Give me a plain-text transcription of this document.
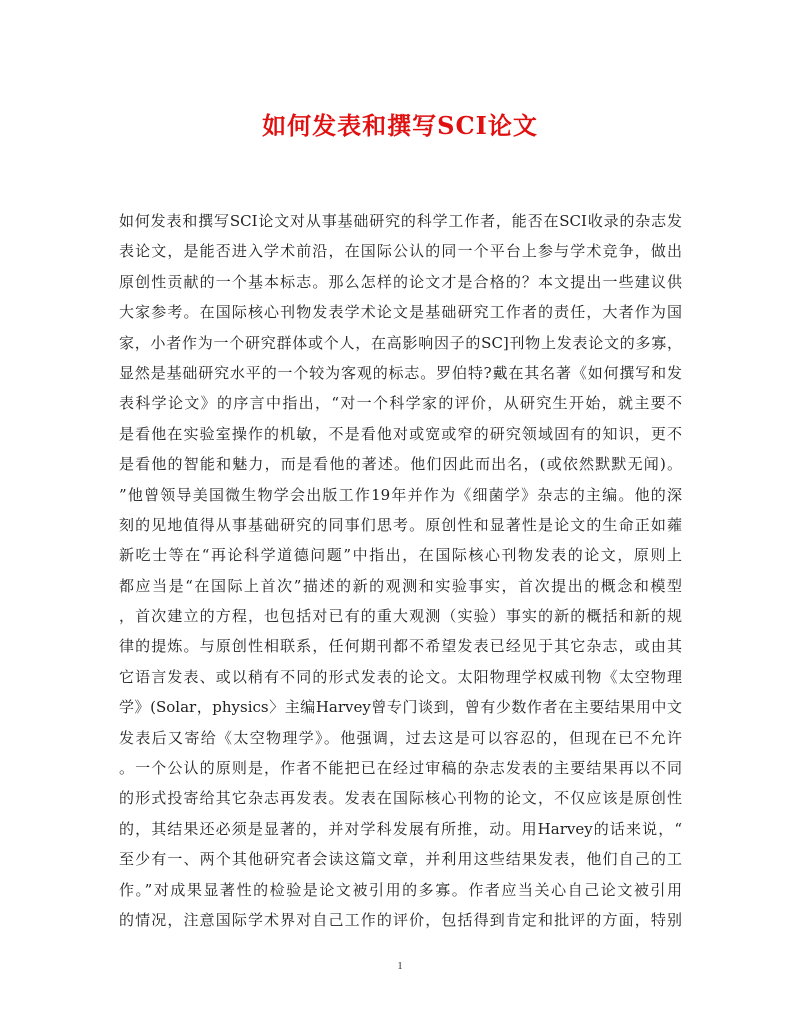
如何发表和撰写SCI论文
如何发表和撰写SCI论文对从事基础研究的科学工作者，能否在SCI收录的杂志发
表论文，是能否进入学术前沿，在国际公认的同一个平台上参与学术竞争，做出
原创性贡献的一个基本标志。那么怎样的论文才是合格的？本文提出一些建议供
大家参考。在国际核心刊物发表学术论文是基础研究工作者的责任，大者作为国
家，小者作为一个研究群体或个人，在高影响因子的SC]刊物上发表论文的多寡，
显然是基础研究水平的一个较为客观的标志。罗伯特?戴在其名著《如何撰写和发
表科学论文》的序言中指出，“对一个科学家的评价，从研究生开始，就主要不
是看他在实验室操作的机敏，不是看他对或宽或窄的研究领域固有的知识，更不
是看他的智能和魅力，而是看他的著述。他们因此而出名，(或依然默默无闻)。
”他曾领导美国微生物学会出版工作19年并作为《细菌学》杂志的主编。他的深
刻的见地值得从事基础研究的同事们思考。原创性和显著性是论文的生命正如蕹
新吃士等在“再论科学道德问题”中指出，在国际核心刊物发表的论文，原则上
都应当是“在国际上首次”描述的新的观测和实验事实，首次提出的概念和模型
，首次建立的方程，也包括对已有的重大观测（实验）事实的新的概括和新的规
律的提炼。与原创性相联系，任何期刊都不希望发表已经见于其它杂志，或由其
它语言发表、或以稍有不同的形式发表的论文。太阳物理学权威刊物《太空物理
学》(Solar，physics〉主编Harvey曾专门谈到，曾有少数作者在主要结果用中文
发表后又寄给《太空物理学》。他强调，过去这是可以容忍的，但现在已不允许
。一个公认的原则是，作者不能把已在经过审稿的杂志发表的主要结果再以不同
的形式投寄给其它杂志再发表。发表在国际核心刊物的论文，不仅应该是原创性
的，其结果还必须是显著的，并对学科发展有所推，动。用Harvey的话来说，“
至少有一、两个其他研究者会读这篇文章，并利用这些结果发表，他们自己的工
作。”对成果显著性的检验是论文被引用的多寡。作者应当关心自己论文被引用
的情况，注意国际学术界对自己工作的评价，包括得到肯定和批评的方面，特别
1
